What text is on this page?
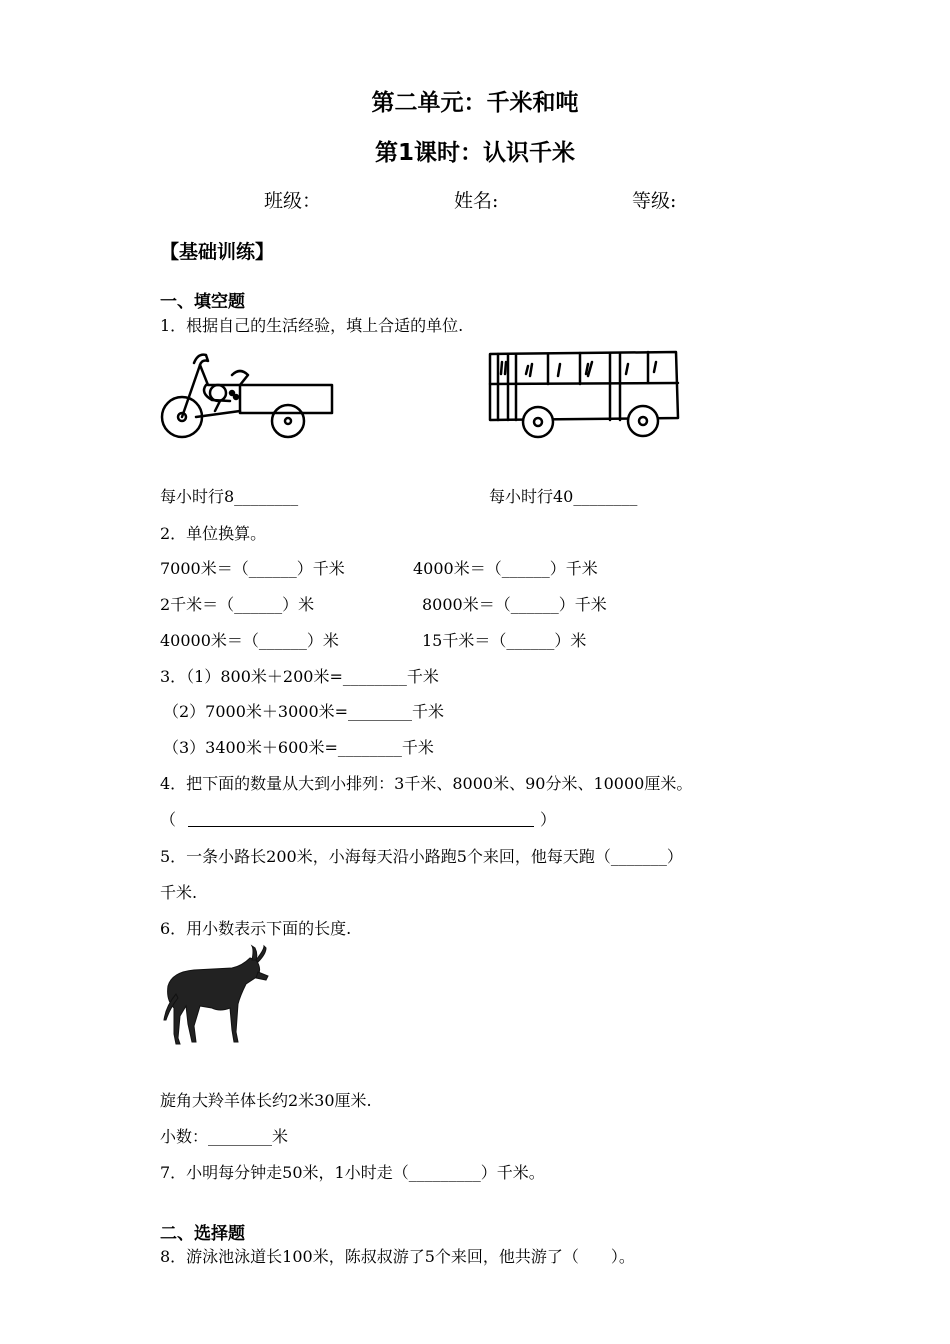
第二单元：千米和吨
第1课时：认识千米
班级：	姓名:	等级:
【基础训练】
一、填空题
1．根据自己的生活经验，填上合适的单位.
每小时行8________	每小时行40________
2．单位换算。
7000米＝（______）千米	4000米＝（______）千米
2千米＝（______）米	8000米＝（______）千米
40000米＝（______）米	15千米＝（______）米
3．（1）800米＋200米=________千米
（2）7000米＋3000米=________千米
（3）3400米＋600米=________千米
4．把下面的数量从大到小排列：3千米、8000米、90分米、10000厘米。
（	）
5．一条小路长200米，小海每天沿小路跑5个来回，他每天跑（_______）
千米.
6．用小数表示下面的长度.
旋角大羚羊体长约2米30厘米.
小数：________米
7．小明每分钟走50米，1小时走（_________）千米。
二、选择题
8．游泳池泳道长100米，陈叔叔游了5个来回，他共游了（　　）。
